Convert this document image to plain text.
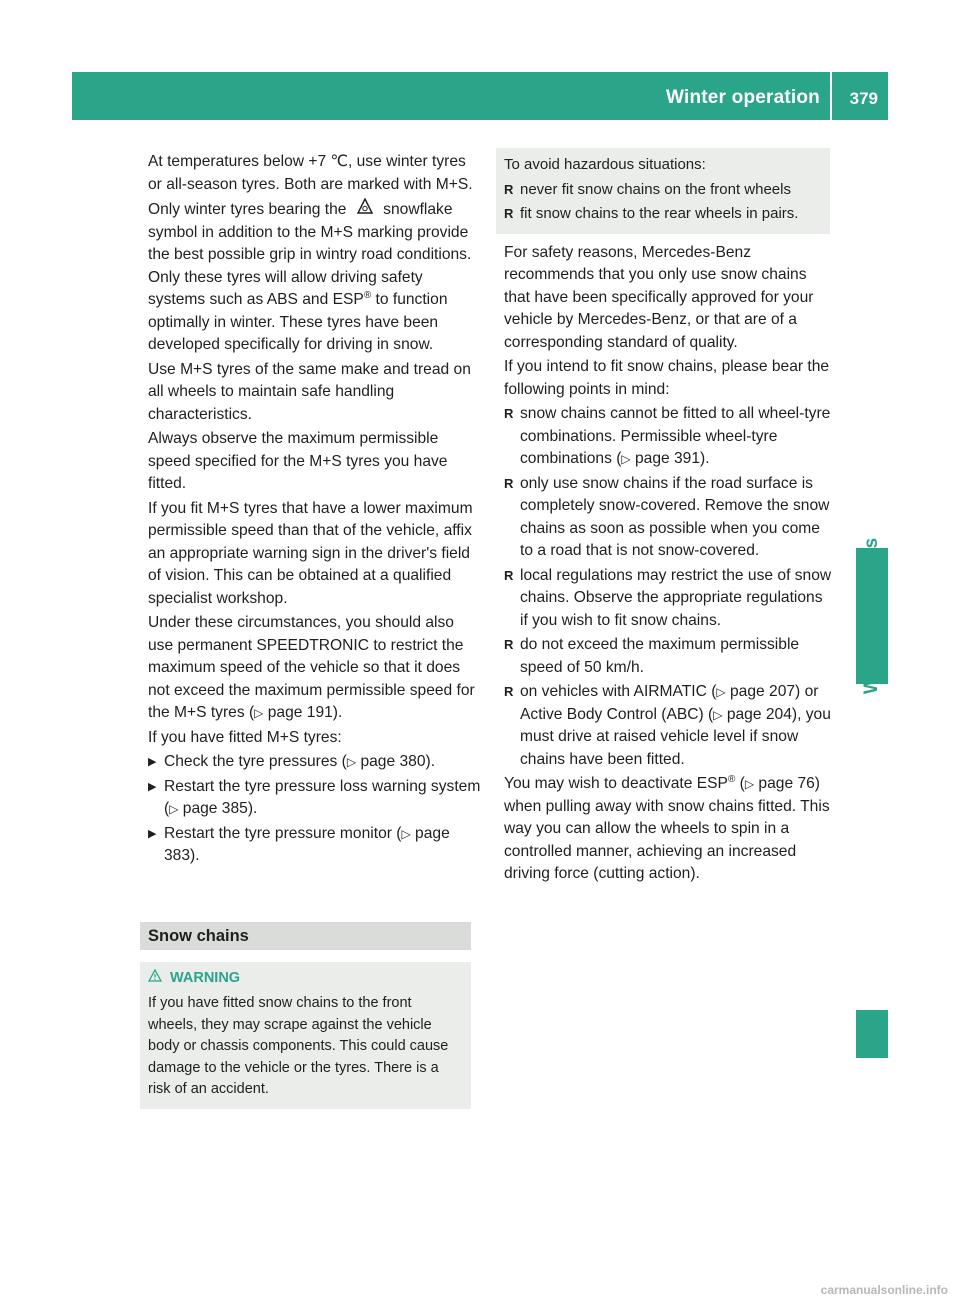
Winter operation 379
Wheels and tyres

At temperatures below +7 ℃, use winter tyres or all-season tyres. Both are marked with M+S.

Only winter tyres bearing the snowflake symbol in addition to the M+S marking provide the best possible grip in wintry road conditions. Only these tyres will allow driving safety systems such as ABS and ESP® to function optimally in winter. These tyres have been developed specifically for driving in snow.

Use M+S tyres of the same make and tread on all wheels to maintain safe handling characteristics.

Always observe the maximum permissible speed specified for the M+S tyres you have fitted.

If you fit M+S tyres that have a lower maximum permissible speed than that of the vehicle, affix an appropriate warning sign in the driver's field of vision. This can be obtained at a qualified specialist workshop.

Under these circumstances, you should also use permanent SPEEDTRONIC to restrict the maximum speed of the vehicle so that it does not exceed the maximum permissible speed for the M+S tyres (▷ page 191).

If you have fitted M+S tyres:

▶ Check the tyre pressures (▷ page 380).
▶ Restart the tyre pressure loss warning system (▷ page 385).
▶ Restart the tyre pressure monitor (▷ page 383).
Snow chains
WARNING
If you have fitted snow chains to the front wheels, they may scrape against the vehicle body or chassis components. This could cause damage to the vehicle or the tyres. There is a risk of an accident.

To avoid hazardous situations:

R never fit snow chains on the front wheels
R fit snow chains to the rear wheels in pairs.

For safety reasons, Mercedes-Benz recommends that you only use snow chains that have been specifically approved for your vehicle by Mercedes-Benz, or that are of a corresponding standard of quality.

If you intend to fit snow chains, please bear the following points in mind:

R snow chains cannot be fitted to all wheel-tyre combinations. Permissible wheel-tyre combinations (▷ page 391).
R only use snow chains if the road surface is completely snow-covered. Remove the snow chains as soon as possible when you come to a road that is not snow-covered.
R local regulations may restrict the use of snow chains. Observe the appropriate regulations if you wish to fit snow chains.
R do not exceed the maximum permissible speed of 50 km/h.
R on vehicles with AIRMATIC (▷ page 207) or Active Body Control (ABC) (▷ page 204), you must drive at raised vehicle level if snow chains have been fitted.

You may wish to deactivate ESP® (▷ page 76) when pulling away with snow chains fitted. This way you can allow the wheels to spin in a controlled manner, achieving an increased driving force (cutting action).

carmanualsonline.info
